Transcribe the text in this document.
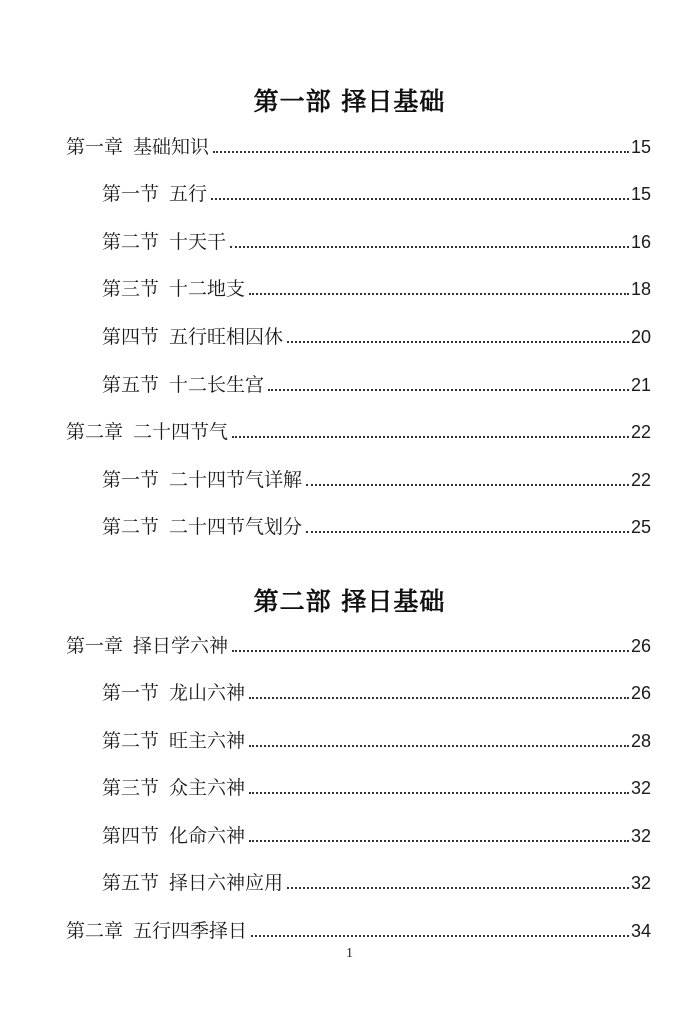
第一部 择日基础
第一章 基础知识	15
第一节 五行	15
第二节 十天干	16
第三节 十二地支	18
第四节 五行旺相囚休	20
第五节 十二长生宫	21
第二章 二十四节气	22
第一节 二十四节气详解	22
第二节 二十四节气划分	25
第二部 择日基础
第一章 择日学六神	26
第一节 龙山六神	26
第二节 旺主六神	28
第三节 众主六神	32
第四节 化命六神	32
第五节 择日六神应用	32
第二章 五行四季择日	34
1
